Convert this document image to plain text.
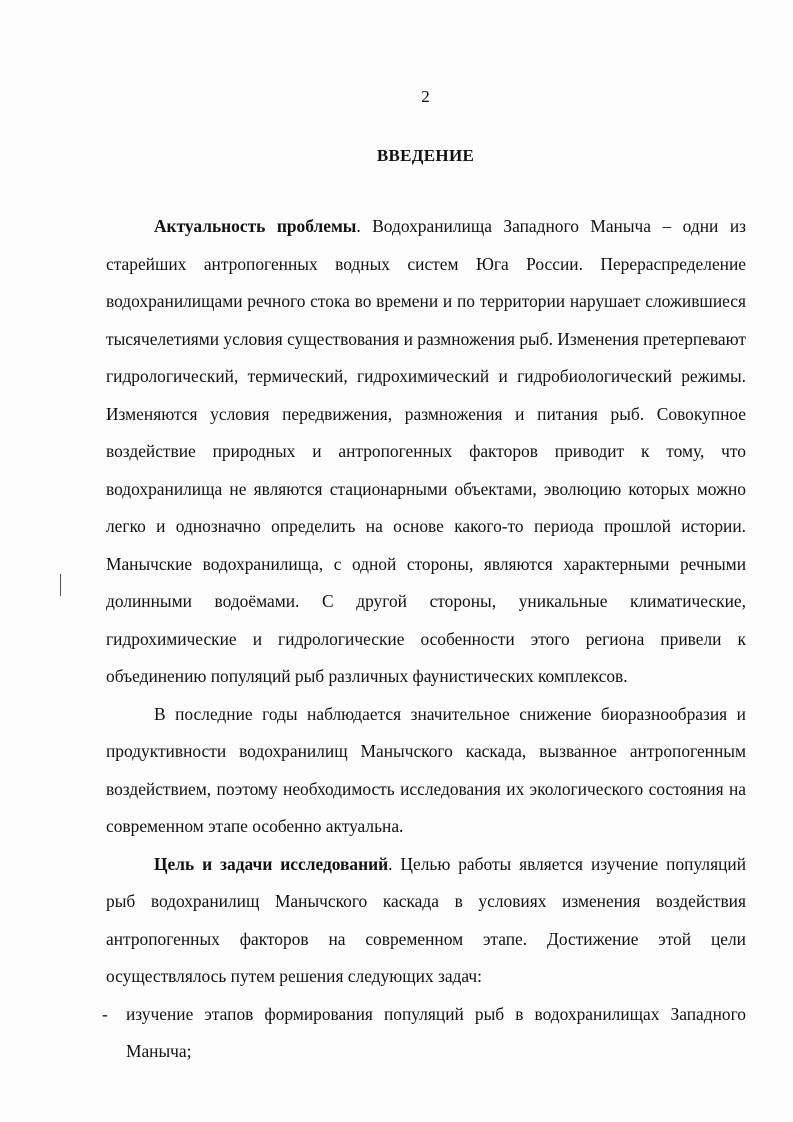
2
ВВЕДЕНИЕ

Актуальность проблемы. Водохранилища Западного Маныча – одни из старейших антропогенных водных систем Юга России. Перераспределение водохранилищами речного стока во времени и по территории нарушает сложившиеся тысячелетиями условия существования и размножения рыб. Изменения претерпевают гидрологический, термический, гидрохимический и гидробиологический режимы. Изменяются условия передвижения, размножения и питания рыб. Совокупное воздействие природных и антропогенных факторов приводит к тому, что водохранилища не являются стационарными объектами, эволюцию которых можно легко и однозначно определить на основе какого-то периода прошлой истории. Манычские водохранилища, с одной стороны, являются характерными речными долинными водоёмами. С другой стороны, уникальные климатические, гидрохимические и гидрологические особенности этого региона привели к объединению популяций рыб различных фаунистических комплексов.

В последние годы наблюдается значительное снижение биоразнообразия и продуктивности водохранилищ Манычского каскада, вызванное антропогенным воздействием, поэтому необходимость исследования их экологического состояния на современном этапе особенно актуальна.

Цель и задачи исследований. Целью работы является изучение популяций рыб водохранилищ Манычского каскада в условиях изменения воздействия антропогенных факторов на современном этапе. Достижение этой цели осуществлялось путем решения следующих задач:

- изучение этапов формирования популяций рыб в водохранилищах Западного Маныча;
